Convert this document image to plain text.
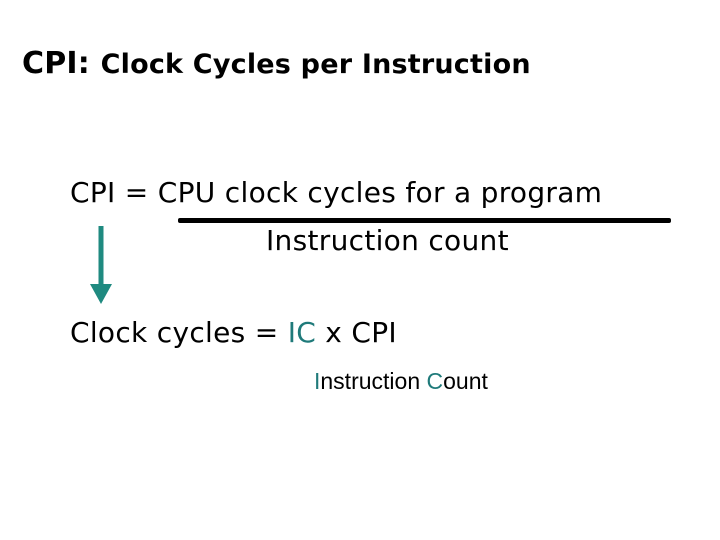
CPI: Clock Cycles per Instruction
CPI = CPU clock cycles for a program
Instruction count
Clock cycles = IC x CPI
Instruction Count
